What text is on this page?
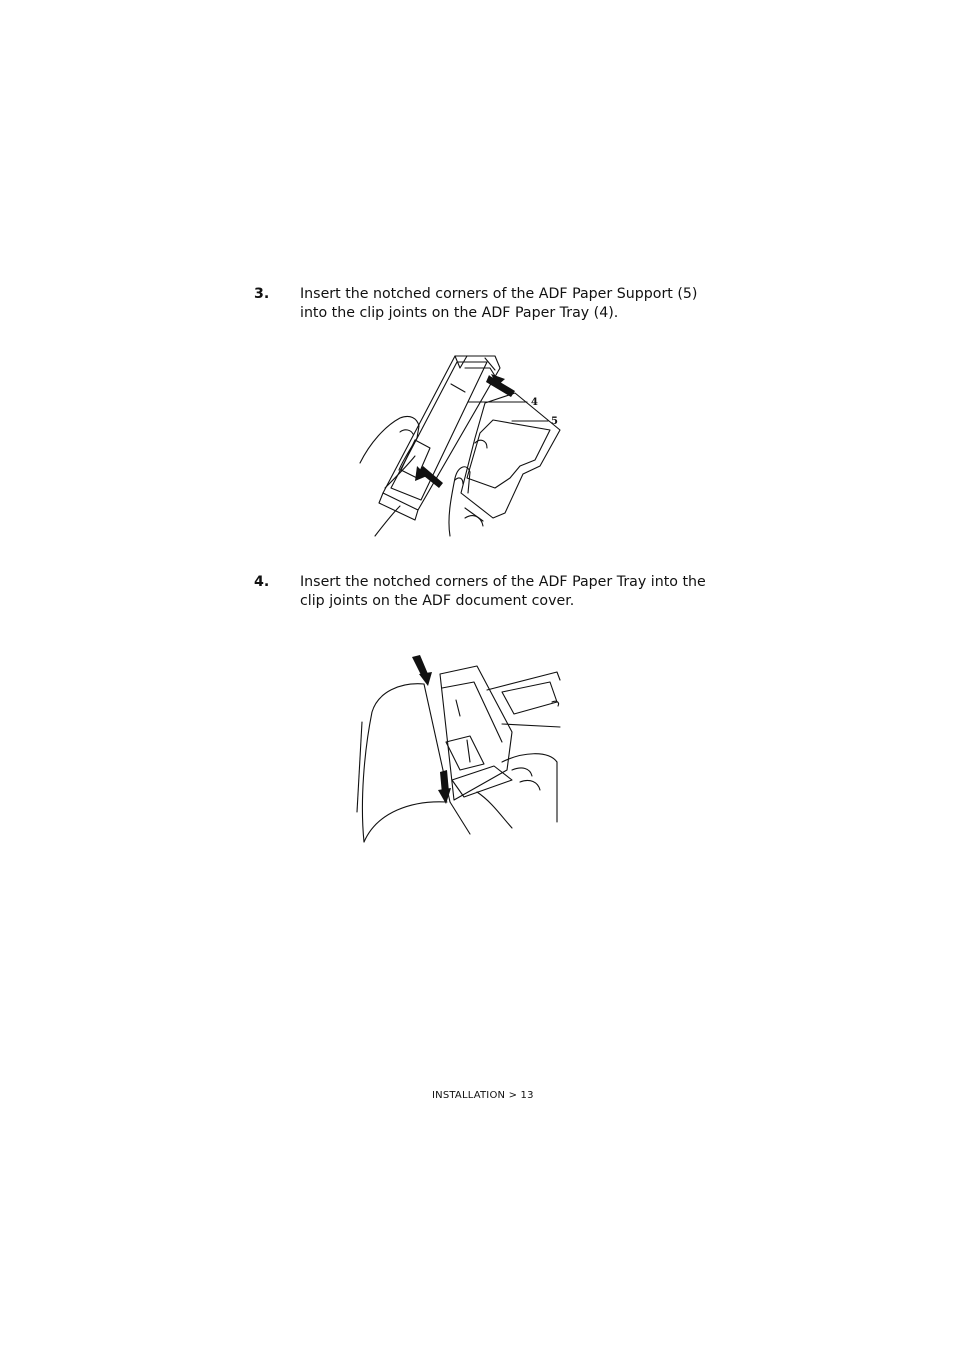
3. Insert the notched corners of the ADF Paper Support (5) into the clip joints on the ADF Paper Tray (4).
4
5
4. Insert the notched corners of the ADF Paper Tray into the clip joints on the ADF document cover.
INSTALLATION > 13
